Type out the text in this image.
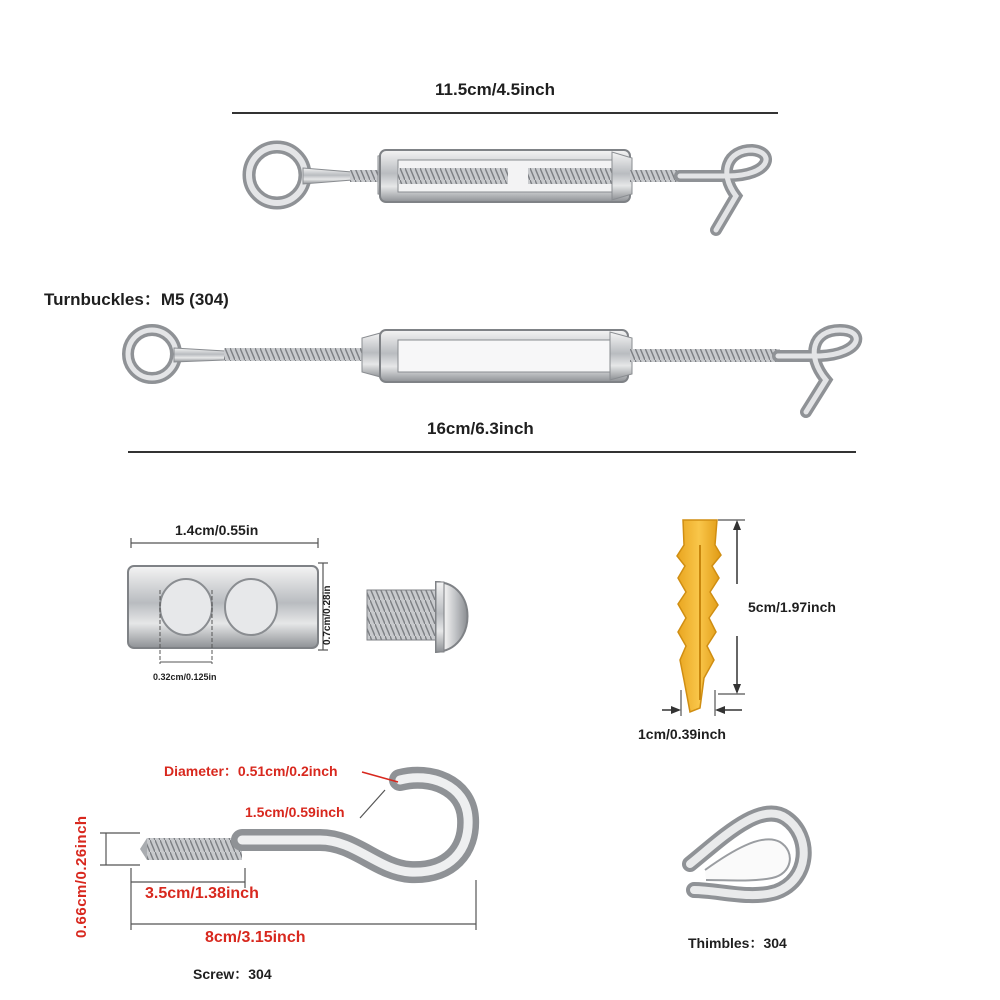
11.5cm/4.5inch
Turnbuckles：M5 (304)
16cm/6.3inch
1.4cm/0.55in
0.7cm/0.28in
0.32cm/0.125in
5cm/1.97inch
1cm/0.39inch
Diameter：0.51cm/0.2inch
1.5cm/0.59inch
0.66cm/0.26inch	3.5cm/1.38inch
8cm/3.15inch
Screw：304
Thimbles：304
